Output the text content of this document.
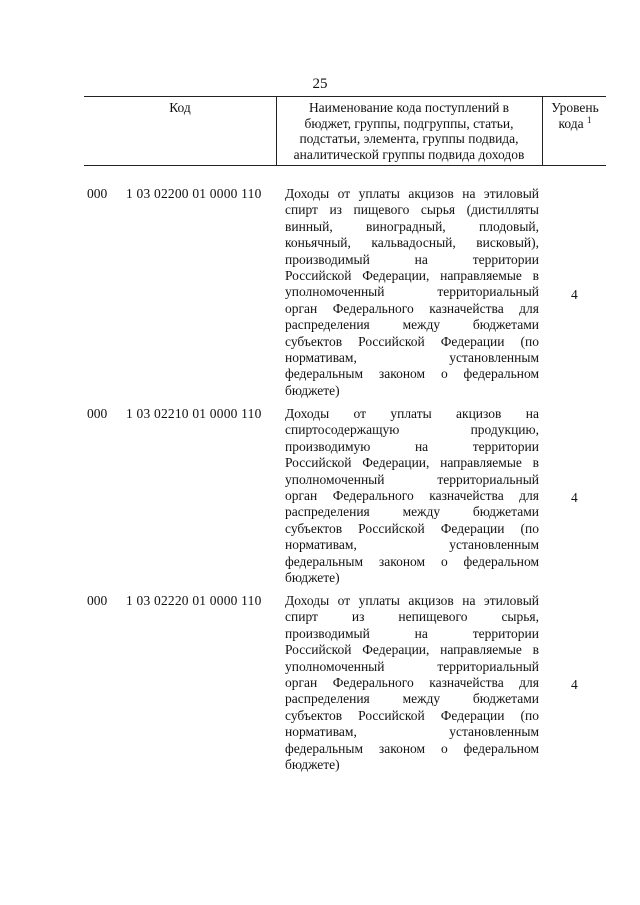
25
Код	Наименование кода поступлений в
бюджет, группы, подгруппы, статьи,
подстатьи, элемента, группы подвида,
аналитической группы подвида доходов
Уровень
кода $^1$
000 1 03 02200 01 0000 110 Доходы от уплаты акцизов на этиловый
спирт из пищевого сырья (дистилляты
винный, виноградный, плодовый,
коньячный, кальвадосный, висковый),
производимый на территории
Российской Федерации, направляемые в
уполномоченный территориальный
орган Федерального казначейства для
распределения между бюджетами
субъектов Российской Федерации (по
нормативам, установленным
федеральным законом о федеральном
бюджете)
4
000 1 03 02210 01 0000 110 Доходы от уплаты акцизов на
спиртосодержащую продукцию,
производимую на территории
Российской Федерации, направляемые в
уполномоченный территориальный
орган Федерального казначейства для
распределения между бюджетами
субъектов Российской Федерации (по
нормативам, установленным
федеральным законом о федеральном
бюджете)
4
000 1 03 02220 01 0000 110 Доходы от уплаты акцизов на этиловый
спирт из непищевого сырья,
производимый на территории
Российской Федерации, направляемые в
уполномоченный территориальный
орган Федерального казначейства для
распределения между бюджетами
субъектов Российской Федерации (по
нормативам, установленным
федеральным законом о федеральном
бюджете)
4
